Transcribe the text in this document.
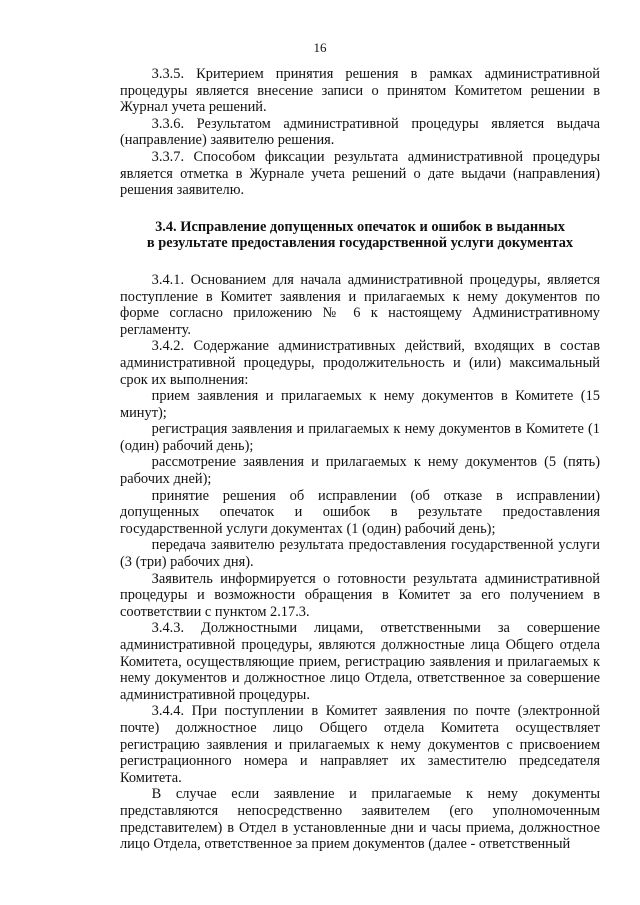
16

3.3.5. Критерием принятия решения в рамках административной процедуры является внесение записи о принятом Комитетом решении в Журнал учета решений.

3.3.6. Результатом административной процедуры является выдача (направление) заявителю решения.

3.3.7. Способом фиксации результата административной процедуры является отметка в Журнале учета решений о дате выдачи (направления) решения заявителю.

3.4. Исправление допущенных опечаток и ошибок в выданных
в результате предоставления государственной услуги документах

3.4.1. Основанием для начала административной процедуры, является поступление в Комитет заявления и прилагаемых к нему документов по форме согласно приложению № 6 к настоящему Административному регламенту.

3.4.2. Содержание административных действий, входящих в состав административной процедуры, продолжительность и (или) максимальный срок их выполнения:

прием заявления и прилагаемых к нему документов в Комитете (15 минут);

регистрация заявления и прилагаемых к нему документов в Комитете (1 (один) рабочий день);

рассмотрение заявления и прилагаемых к нему документов (5 (пять) рабочих дней);

принятие решения об исправлении (об отказе в исправлении) допущенных опечаток и ошибок в результате предоставления государственной услуги документах (1 (один) рабочий день);

передача заявителю результата предоставления государственной услуги (3 (три) рабочих дня).

Заявитель информируется о готовности результата административной процедуры и возможности обращения в Комитет за его получением в соответствии с пунктом 2.17.3.

3.4.3. Должностными лицами, ответственными за совершение административной процедуры, являются должностные лица Общего отдела Комитета, осуществляющие прием, регистрацию заявления и прилагаемых к нему документов и должностное лицо Отдела, ответственное за совершение административной процедуры.

3.4.4. При поступлении в Комитет заявления по почте (электронной почте) должностное лицо Общего отдела Комитета осуществляет регистрацию заявления и прилагаемых к нему документов с присвоением регистрационного номера и направляет их заместителю председателя Комитета.

В случае если заявление и прилагаемые к нему документы представляются непосредственно заявителем (его уполномоченным представителем) в Отдел в установленные дни и часы приема, должностное лицо Отдела, ответственное за прием документов (далее - ответственный
